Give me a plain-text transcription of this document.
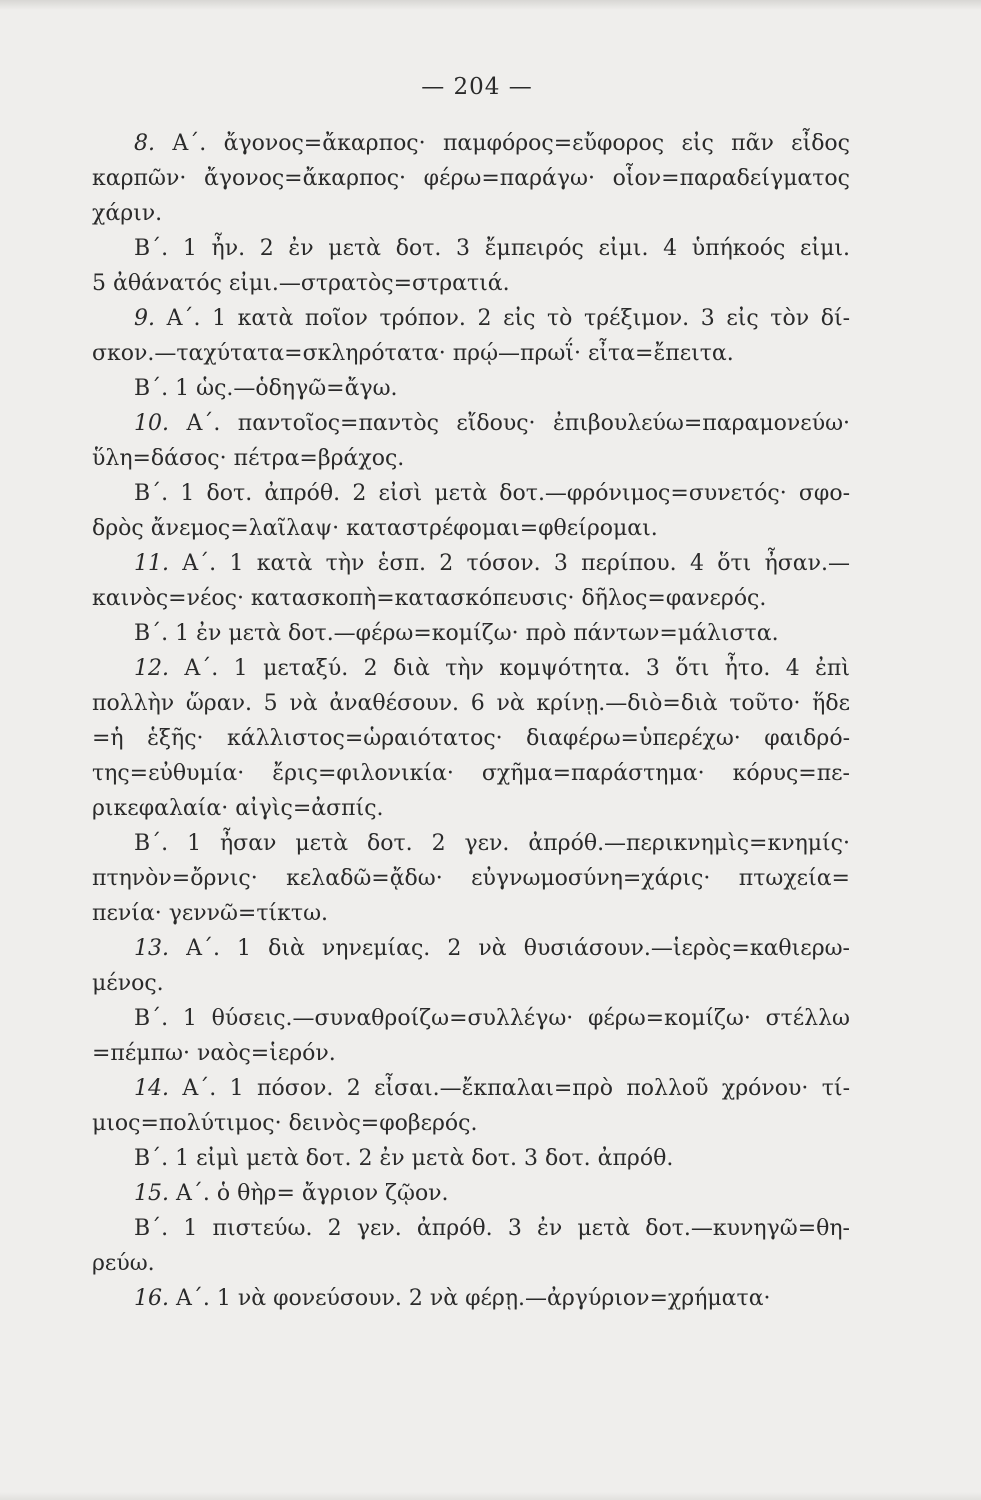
— 204 —
8. Α΄. ἄγονος=ἄκαρπος· παμφόρος=εὔφορος εἰς πᾶν εἶδος
καρπῶν· ἄγονος=ἄκαρπος· φέρω=παράγω· οἷον=παραδείγματος
χάριν.
Β΄. 1 ἦν. 2 ἐν μετὰ δοτ. 3 ἔμπειρός εἰμι. 4 ὑπήκοός εἰμι.
5 ἀθάνατός εἰμι.—στρατὸς=στρατιά.
9. Α΄. 1 κατὰ ποῖον τρόπον. 2 εἰς τὸ τρέξιμον. 3 εἰς τὸν δί-
σκον.—ταχύτατα=σκληρότατα· πρῴ—πρωΐ· εἶτα=ἔπειτα.
Β΄. 1 ὡς.—ὁδηγῶ=ἄγω.
10. Α΄. παντοῖος=παντὸς εἴδους· ἐπιβουλεύω=παραμονεύω·
ὕλη=δάσος· πέτρα=βράχος.
Β΄. 1 δοτ. ἀπρόθ. 2 εἰσὶ μετὰ δοτ.—φρόνιμος=συνετός· σφο-
δρὸς ἄνεμος=λαῖλαψ· καταστρέφομαι=φθείρομαι.
11. Α΄. 1 κατὰ τὴν ἑσπ. 2 τόσον. 3 περίπου. 4 ὅτι ἦσαν.—
καινὸς=νέος· κατασκοπὴ=κατασκόπευσις· δῆλος=φανερός.
Β΄. 1 ἐν μετὰ δοτ.—φέρω=κομίζω· πρὸ πάντων=μάλιστα.
12. Α΄. 1 μεταξύ. 2 διὰ τὴν κομψότητα. 3 ὅτι ἦτο. 4 ἐπὶ
πολλὴν ὥραν. 5 νὰ ἀναθέσουν. 6 νὰ κρίνῃ.—διὸ=διὰ τοῦτο· ἥδε
=ἡ ἑξῆς· κάλλιστος=ὡραιότατος· διαφέρω=ὑπερέχω· φαιδρό-
της=εὐθυμία· ἔρις=φιλονικία· σχῆμα=παράστημα· κόρυς=πε-
ρικεφαλαία· αἰγὶς=ἀσπίς.
Β΄. 1 ἦσαν μετὰ δοτ. 2 γεν. ἀπρόθ.—περικνημὶς=κνημίς·
πτηνὸν=ὄρνις· κελαδῶ=ᾄδω· εὐγνωμοσύνη=χάρις· πτωχεία=
πενία· γεννῶ=τίκτω.
13. Α΄. 1 διὰ νηνεμίας. 2 νὰ θυσιάσουν.—ἱερὸς=καθιερω-
μένος.
Β΄. 1 θύσεις.—συναθροίζω=συλλέγω· φέρω=κομίζω· στέλλω
=πέμπω· ναὸς=ἱερόν.
14. Α΄. 1 πόσον. 2 εἶσαι.—ἔκπαλαι=πρὸ πολλοῦ χρόνου· τί-
μιος=πολύτιμος· δεινὸς=φοβερός.
Β΄. 1 εἰμὶ μετὰ δοτ. 2 ἐν μετὰ δοτ. 3 δοτ. ἀπρόθ.
15. Α΄. ὁ θὴρ= ἄγριον ζῷον.
Β΄. 1 πιστεύω. 2 γεν. ἀπρόθ. 3 ἐν μετὰ δοτ.—κυνηγῶ=θη-
ρεύω.
16. Α΄. 1 νὰ φονεύσουν. 2 νὰ φέρῃ.—ἀργύριον=χρήματα·
